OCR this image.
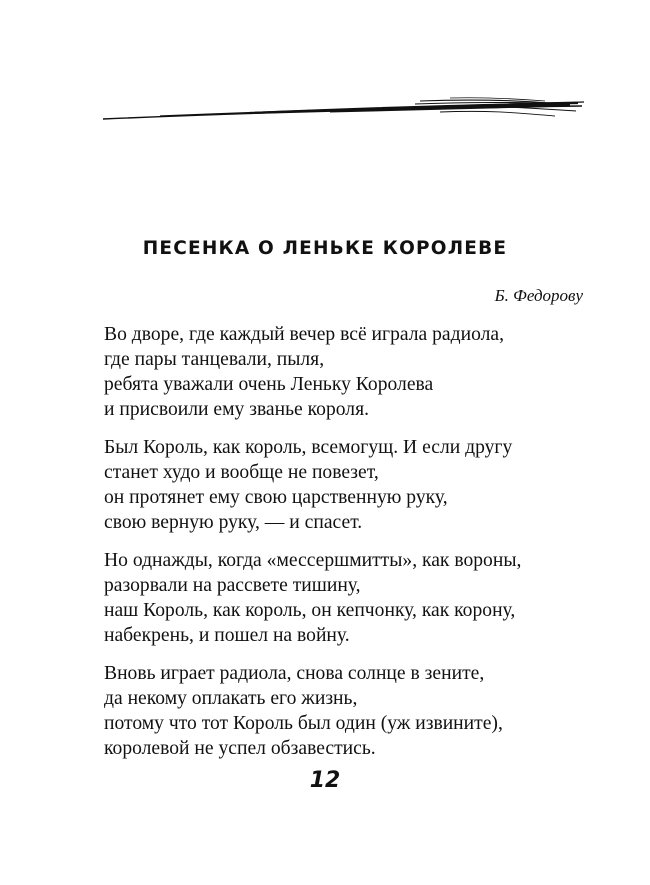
ПЕСЕНКА О ЛЕНЬКЕ КОРОЛЕВЕ

Б. Федорову

Во дворе, где каждый вечер всё играла радиола,
где пары танцевали, пыля,
ребята уважали очень Леньку Королева
и присвоили ему званье короля.

Был Король, как король, всемогущ. И если другу
станет худо и вообще не повезет,
он протянет ему свою царственную руку,
свою верную руку, — и спасет.

Но однажды, когда «мессершмитты», как вороны,
разорвали на рассвете тишину,
наш Король, как король, он кепчонку, как корону,
набекрень, и пошел на войну.

Вновь играет радиола, снова солнце в зените,
да некому оплакать его жизнь,
потому что тот Король был один (уж извините),
королевой не успел обзавестись.

12
